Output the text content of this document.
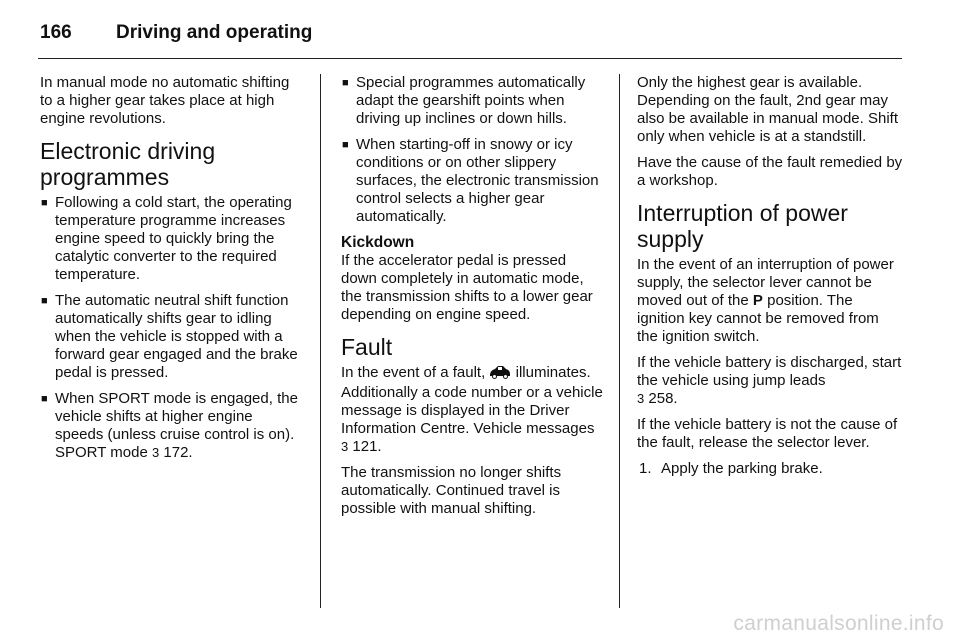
166	Driving and operating

In manual mode no automatic shifting to a higher gear takes place at high engine revolutions.

Electronic driving programmes
■ Following a cold start, the operating temperature programme increases engine speed to quickly bring the catalytic converter to the required temperature.
■ The automatic neutral shift function automatically shifts gear to idling when the vehicle is stopped with a forward gear engaged and the brake pedal is pressed.
■ When SPORT mode is engaged, the vehicle shifts at higher engine speeds (unless cruise control is on). SPORT mode 3 172.
■ Special programmes automatically adapt the gearshift points when driving up inclines or down hills.
■ When starting-off in snowy or icy conditions or on other slippery surfaces, the electronic transmission control selects a higher gear automatically.
Kickdown

If the accelerator pedal is pressed down completely in automatic mode, the transmission shifts to a lower gear depending on engine speed.

Fault

In the event of a fault, illuminates. Additionally a code number or a vehicle message is displayed in the Driver Information Centre. Vehicle messages 3 121.

The transmission no longer shifts automatically. Continued travel is possible with manual shifting.

Only the highest gear is available. Depending on the fault, 2nd gear may also be available in manual mode. Shift only when vehicle is at a standstill.

Have the cause of the fault remedied by a workshop.

Interruption of power supply

In the event of an interruption of power supply, the selector lever cannot be moved out of the P position. The ignition key cannot be removed from the ignition switch.

If the vehicle battery is discharged, start the vehicle using jump leads
3 258.

If the vehicle battery is not the cause of the fault, release the selector lever.

1. Apply the parking brake.
carmanualsonline.info
